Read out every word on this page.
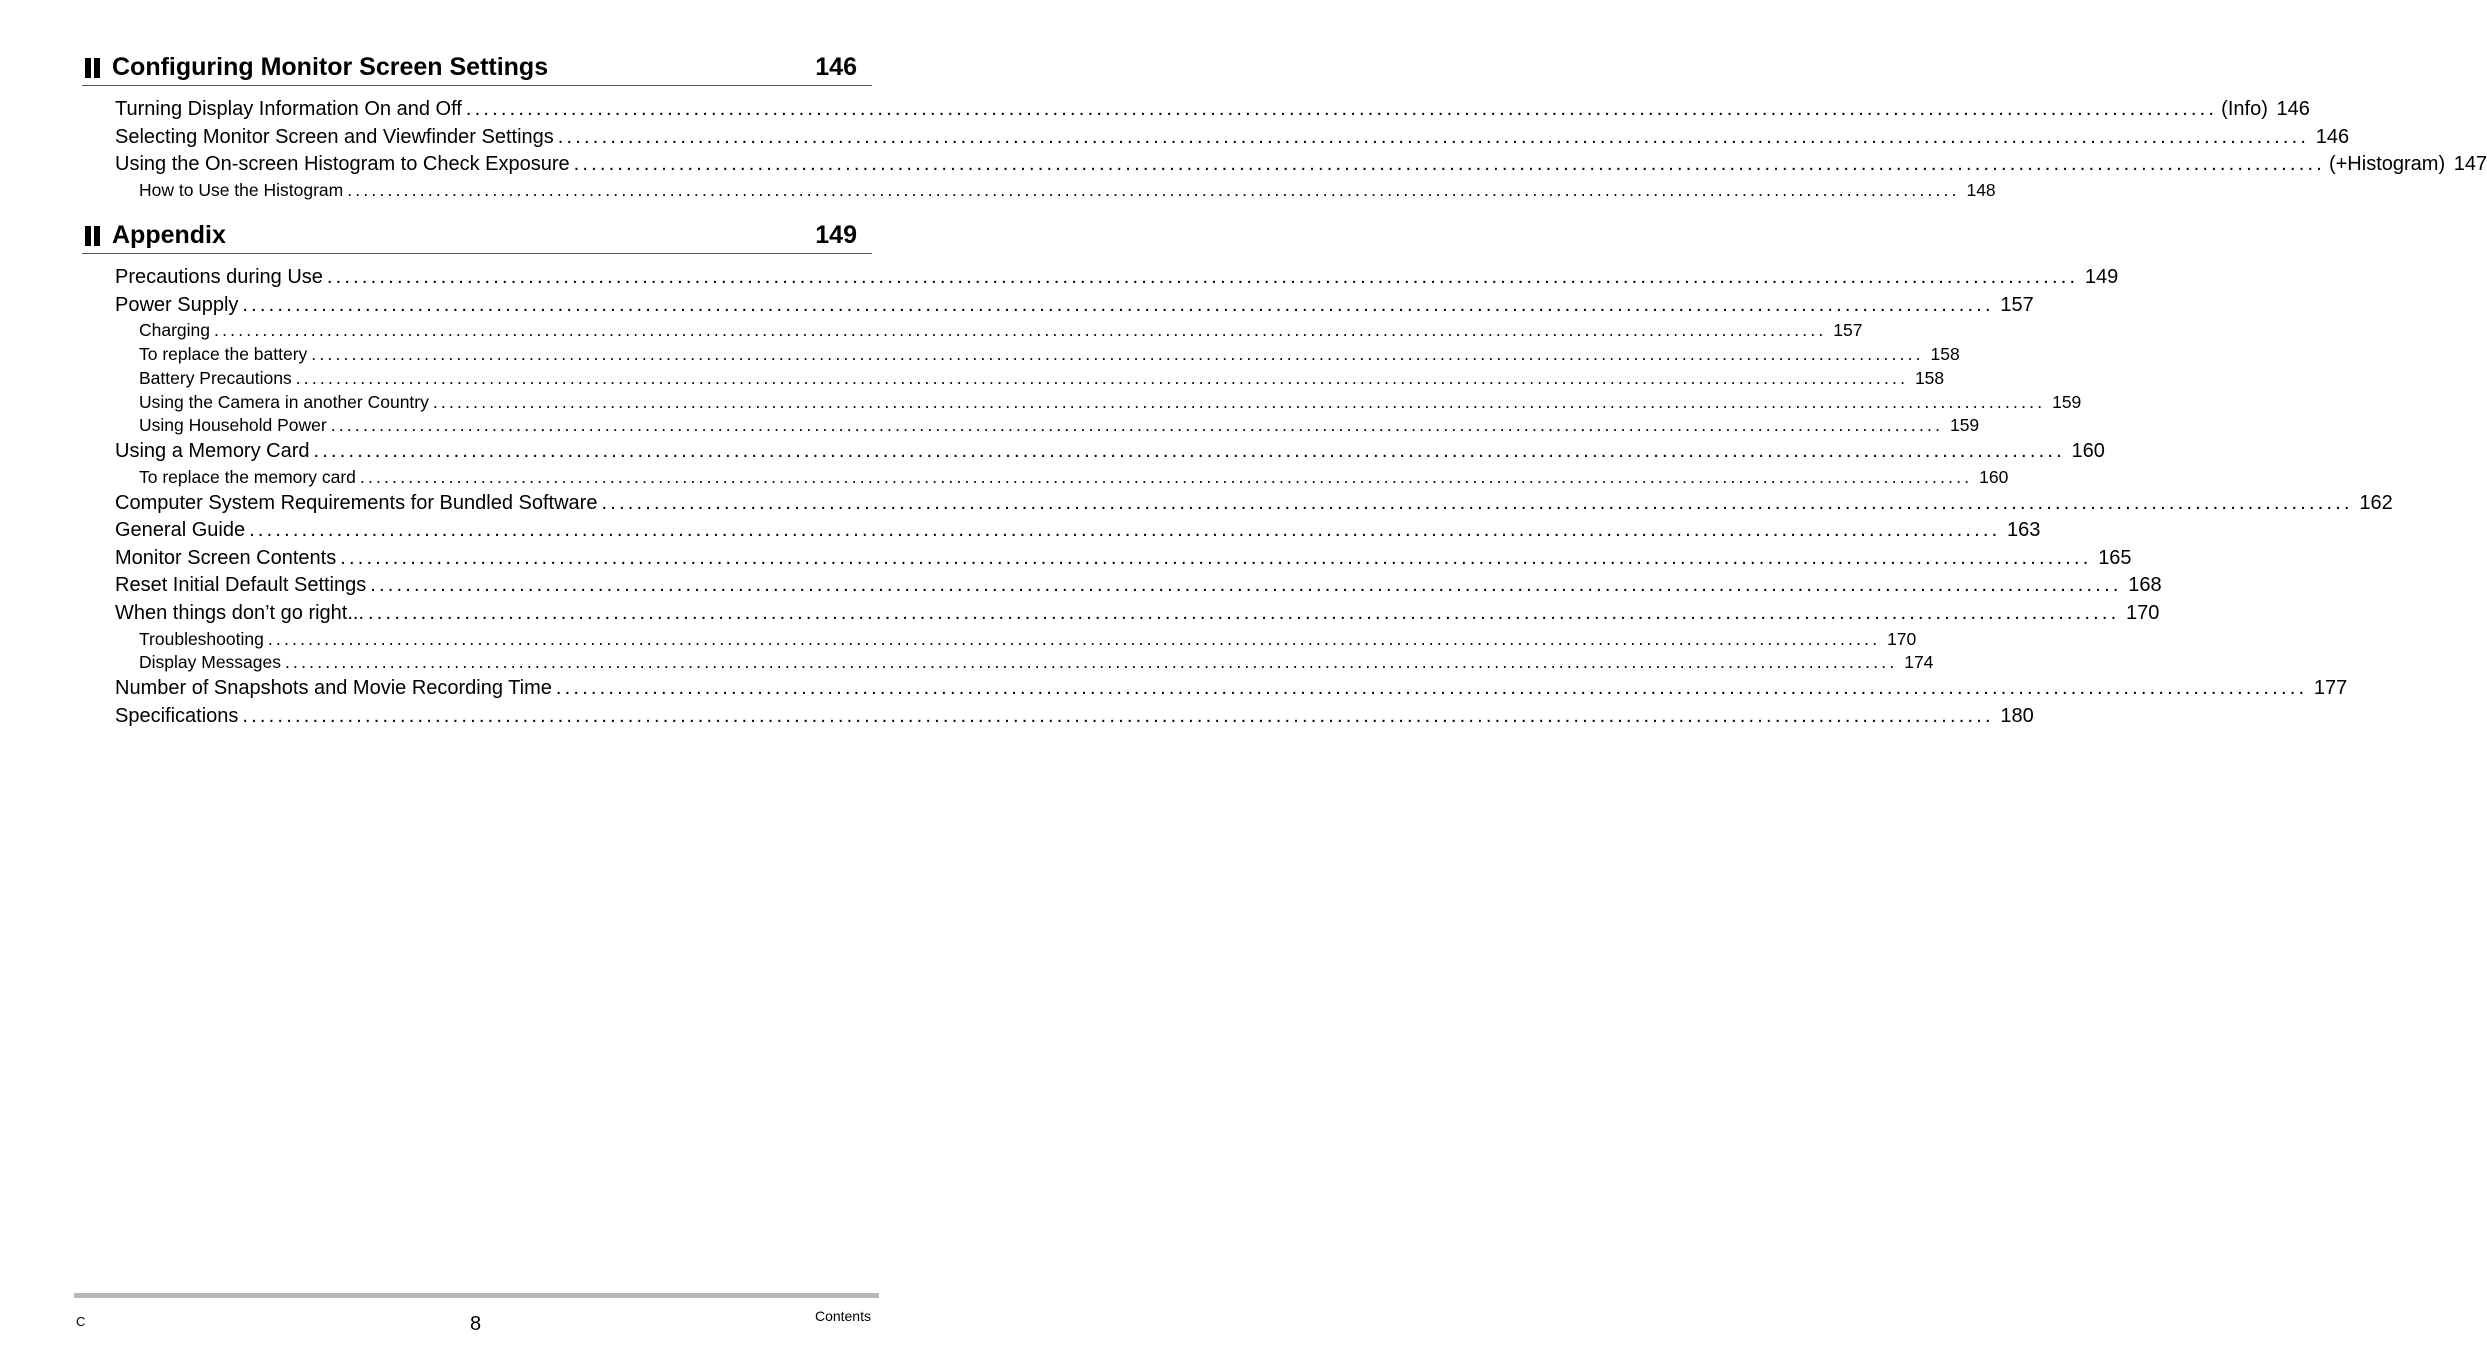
Configuring Monitor Screen Settings	146
Turning Display Information On and Off ........................................................................................................................................................................................................ (Info) 146
Selecting Monitor Screen and Viewfinder Settings ........................................................................................................................................................................................................ 146
Using the On-screen Histogram to Check Exposure ........................................................................................................................................................................................................ (+Histogram) 147
How to Use the Histogram ........................................................................................................................................................................................................ 148
Appendix	149
Precautions during Use ........................................................................................................................................................................................................ 149
Power Supply ........................................................................................................................................................................................................ 157
Charging ........................................................................................................................................................................................................ 157
To replace the battery ........................................................................................................................................................................................................ 158
Battery Precautions ........................................................................................................................................................................................................ 158
Using the Camera in another Country ........................................................................................................................................................................................................ 159
Using Household Power ........................................................................................................................................................................................................ 159
Using a Memory Card ........................................................................................................................................................................................................ 160
To replace the memory card ........................................................................................................................................................................................................ 160
Computer System Requirements for Bundled Software ........................................................................................................................................................................................................ 162
General Guide ........................................................................................................................................................................................................ 163
Monitor Screen Contents ........................................................................................................................................................................................................ 165
Reset Initial Default Settings ........................................................................................................................................................................................................ 168
When things don’t go right... ........................................................................................................................................................................................................ 170
Troubleshooting ........................................................................................................................................................................................................ 170
Display Messages ........................................................................................................................................................................................................ 174
Number of Snapshots and Movie Recording Time ........................................................................................................................................................................................................ 177
Specifications ........................................................................................................................................................................................................ 180
C	8	Contents
